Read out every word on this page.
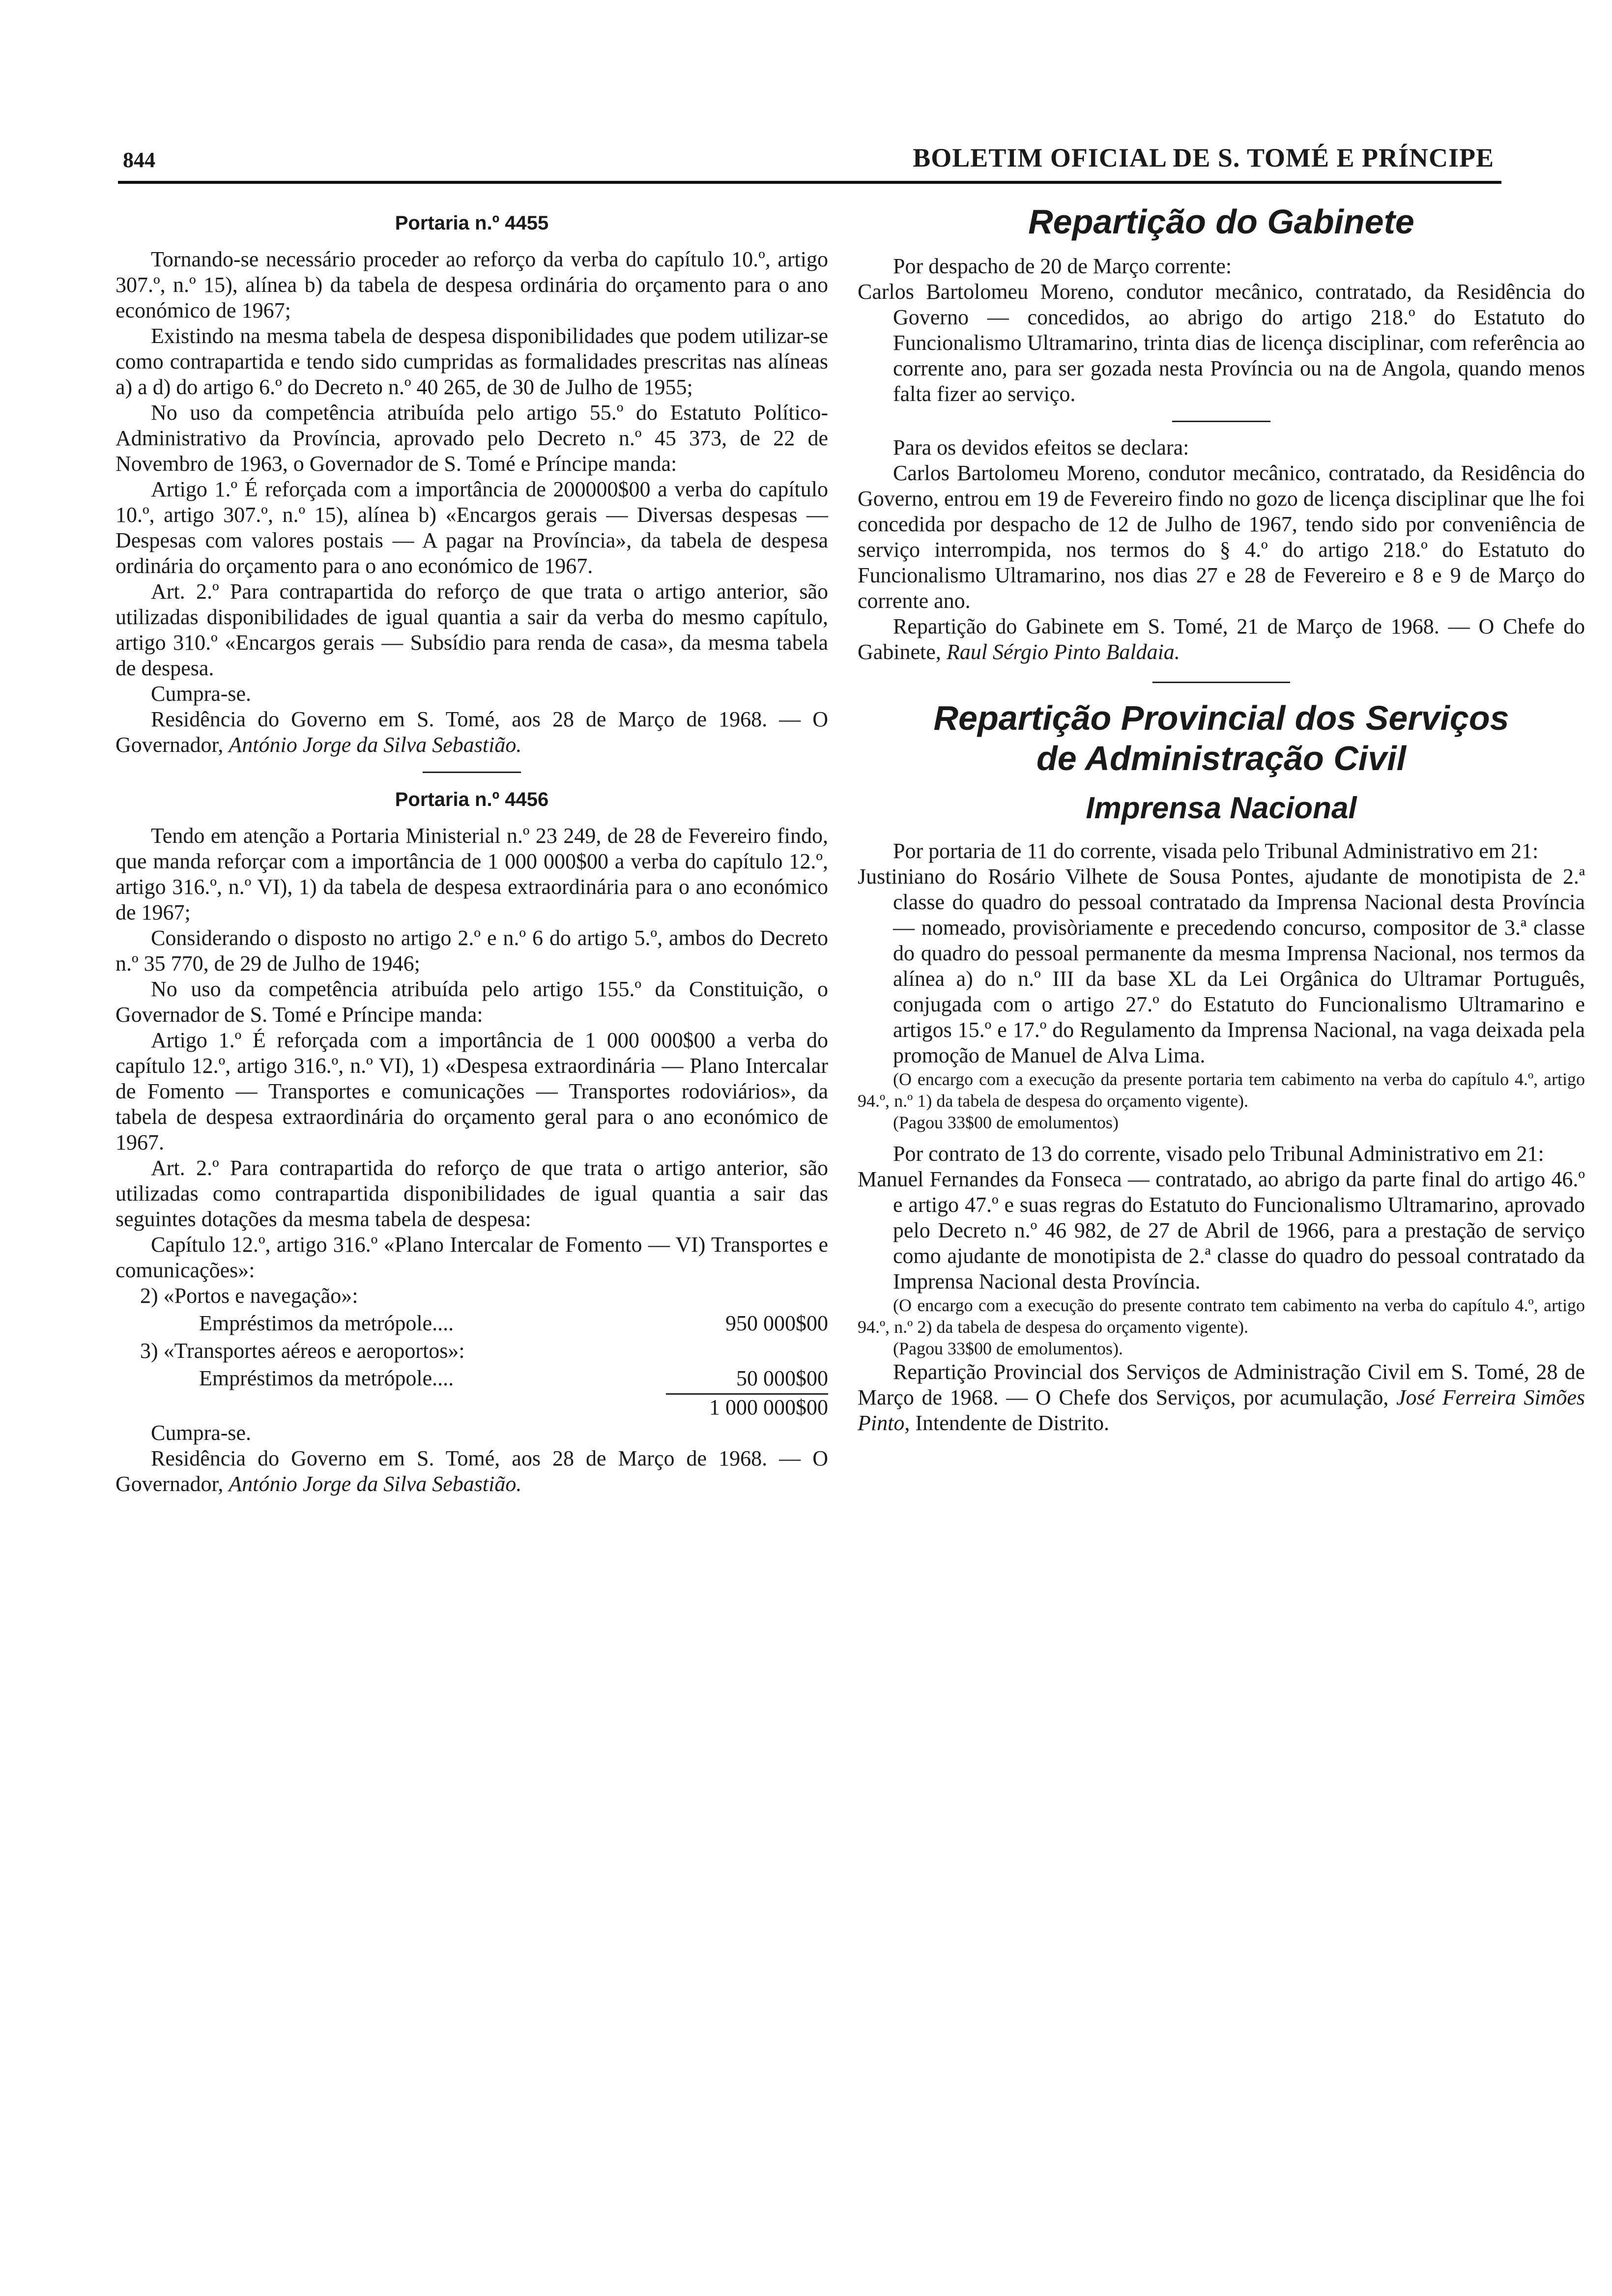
844	BOLETIM OFICIAL DE S. TOMÉ E PRÍNCIPE
Portaria n.º 4455

Tornando-se necessário proceder ao reforço da verba do capítulo 10.º, artigo 307.º, n.º 15), alínea b) da tabela de despesa ordinária do orçamento para o ano económico de 1967;

Existindo na mesma tabela de despesa disponibilidades que podem utilizar-se como contrapartida e tendo sido cumpridas as formalidades prescritas nas alíneas a) a d) do artigo 6.º do Decreto n.º 40 265, de 30 de Julho de 1955;

No uso da competência atribuída pelo artigo 55.º do Estatuto Político-Administrativo da Província, aprovado pelo Decreto n.º 45 373, de 22 de Novembro de 1963, o Governador de S. Tomé e Príncipe manda:

Artigo 1.º É reforçada com a importância de 200000$00 a verba do capítulo 10.º, artigo 307.º, n.º 15), alínea b) «Encargos gerais — Diversas despesas — Despesas com valores postais — A pagar na Província», da tabela de despesa ordinária do orçamento para o ano económico de 1967.

Art. 2.º Para contrapartida do reforço de que trata o artigo anterior, são utilizadas disponibilidades de igual quantia a sair da verba do mesmo capítulo, artigo 310.º «Encargos gerais — Subsídio para renda de casa», da mesma tabela de despesa.

Cumpra-se.

Residência do Governo em S. Tomé, aos 28 de Março de 1968. — O Governador, António Jorge da Silva Sebastião.

Portaria n.º 4456

Tendo em atenção a Portaria Ministerial n.º 23 249, de 28 de Fevereiro findo, que manda reforçar com a importância de 1 000 000$00 a verba do capítulo 12.º, artigo 316.º, n.º VI), 1) da tabela de despesa extraordinária para o ano económico de 1967;

Considerando o disposto no artigo 2.º e n.º 6 do artigo 5.º, ambos do Decreto n.º 35 770, de 29 de Julho de 1946;

No uso da competência atribuída pelo artigo 155.º da Constituição, o Governador de S. Tomé e Príncipe manda:

Artigo 1.º É reforçada com a importância de 1 000 000$00 a verba do capítulo 12.º, artigo 316.º, n.º VI), 1) «Despesa extraordinária — Plano Intercalar de Fomento — Transportes e comunicações — Transportes rodoviários», da tabela de despesa extraordinária do orçamento geral para o ano económico de 1967.

Art. 2.º Para contrapartida do reforço de que trata o artigo anterior, são utilizadas como contrapartida disponibilidades de igual quantia a sair das seguintes dotações da mesma tabela de despesa:

Capítulo 12.º, artigo 316.º «Plano Intercalar de Fomento — VI) Transportes e comunicações»:

2) «Portos e navegação»:
Empréstimos da metrópole....	950 000$00
3) «Transportes aéreos e aeroportos»:
Empréstimos da metrópole....	50 000$00
1 000 000$00

Cumpra-se.

Residência do Governo em S. Tomé, aos 28 de Março de 1968. — O Governador, António Jorge da Silva Sebastião.

Repartição do Gabinete

Por despacho de 20 de Março corrente:

Carlos Bartolomeu Moreno, condutor mecânico, contratado, da Residência do Governo — concedidos, ao abrigo do artigo 218.º do Estatuto do Funcionalismo Ultramarino, trinta dias de licença disciplinar, com referência ao corrente ano, para ser gozada nesta Província ou na de Angola, quando menos falta fizer ao serviço.

Para os devidos efeitos se declara:

Carlos Bartolomeu Moreno, condutor mecânico, contratado, da Residência do Governo, entrou em 19 de Fevereiro findo no gozo de licença disciplinar que lhe foi concedida por despacho de 12 de Julho de 1967, tendo sido por conveniência de serviço interrompida, nos termos do § 4.º do artigo 218.º do Estatuto do Funcionalismo Ultramarino, nos dias 27 e 28 de Fevereiro e 8 e 9 de Março do corrente ano.

Repartição do Gabinete em S. Tomé, 21 de Março de 1968. — O Chefe do Gabinete, Raul Sérgio Pinto Baldaia.

Repartição Provincial dos Serviços
de Administração Civil
Imprensa Nacional

Por portaria de 11 do corrente, visada pelo Tribunal Administrativo em 21:

Justiniano do Rosário Vilhete de Sousa Pontes, ajudante de monotipista de 2.ª classe do quadro do pessoal contratado da Imprensa Nacional desta Província — nomeado, provisòriamente e precedendo concurso, compositor de 3.ª classe do quadro do pessoal permanente da mesma Imprensa Nacional, nos termos da alínea a) do n.º III da base XL da Lei Orgânica do Ultramar Português, conjugada com o artigo 27.º do Estatuto do Funcionalismo Ultramarino e artigos 15.º e 17.º do Regulamento da Imprensa Nacional, na vaga deixada pela promoção de Manuel de Alva Lima.

(O encargo com a execução da presente portaria tem cabimento na verba do capítulo 4.º, artigo 94.º, n.º 1) da tabela de despesa do orçamento vigente).

(Pagou 33$00 de emolumentos)

Por contrato de 13 do corrente, visado pelo Tribunal Administrativo em 21:

Manuel Fernandes da Fonseca — contratado, ao abrigo da parte final do artigo 46.º e artigo 47.º e suas regras do Estatuto do Funcionalismo Ultramarino, aprovado pelo Decreto n.º 46 982, de 27 de Abril de 1966, para a prestação de serviço como ajudante de monotipista de 2.ª classe do quadro do pessoal contratado da Imprensa Nacional desta Província.

(O encargo com a execução do presente contrato tem cabimento na verba do capítulo 4.º, artigo 94.º, n.º 2) da tabela de despesa do orçamento vigente).

(Pagou 33$00 de emolumentos).

Repartição Provincial dos Serviços de Administração Civil em S. Tomé, 28 de Março de 1968. — O Chefe dos Serviços, por acumulação, José Ferreira Simões Pinto, Intendente de Distrito.
